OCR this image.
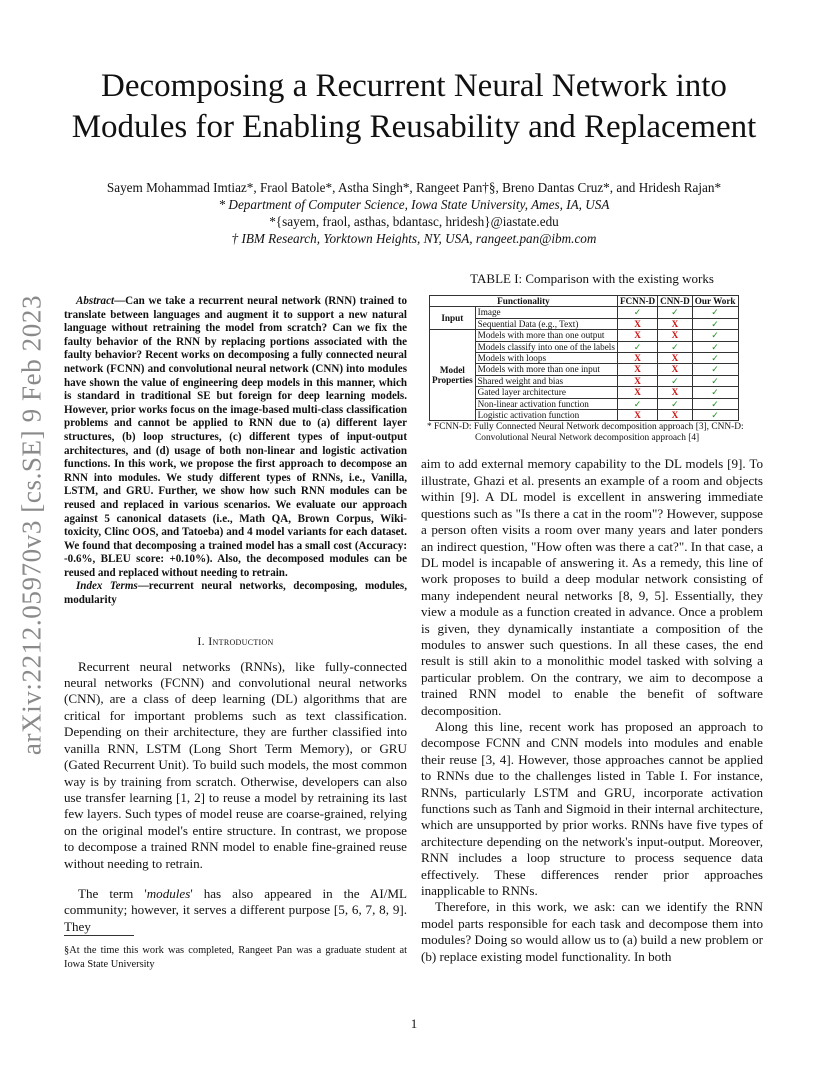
arXiv:2212.05970v3 [cs.SE] 9 Feb 2023
Decomposing a Recurrent Neural Network into
Modules for Enabling Reusability and Replacement
Sayem Mohammad Imtiaz*, Fraol Batole*, Astha Singh*, Rangeet Pan†§, Breno Dantas Cruz*, and Hridesh Rajan*
* Department of Computer Science, Iowa State University, Ames, IA, USA
*{sayem, fraol, asthas, bdantasc, hridesh}@iastate.edu
† IBM Research, Yorktown Heights, NY, USA, rangeet.pan@ibm.com

Abstract—Can we take a recurrent neural network (RNN) trained to translate between languages and augment it to support a new natural language without retraining the model from scratch? Can we fix the faulty behavior of the RNN by replacing portions associated with the faulty behavior? Recent works on decomposing a fully connected neural network (FCNN) and convolutional neural network (CNN) into modules have shown the value of engineering deep models in this manner, which is standard in traditional SE but foreign for deep learning models. However, prior works focus on the image-based multi-class classification problems and cannot be applied to RNN due to (a) different layer structures, (b) loop structures, (c) different types of input-output architectures, and (d) usage of both non-linear and logistic activation functions. In this work, we propose the first approach to decompose an RNN into modules. We study different types of RNNs, i.e., Vanilla, LSTM, and GRU. Further, we show how such RNN modules can be reused and replaced in various scenarios. We evaluate our approach against 5 canonical datasets (i.e., Math QA, Brown Corpus, Wiki-toxicity, Clinc OOS, and Tatoeba) and 4 model variants for each dataset. We found that decomposing a trained model has a small cost (Accuracy: -0.6%, BLEU score: +0.10%). Also, the decomposed modules can be reused and replaced without needing to retrain.

Index Terms—recurrent neural networks, decomposing, modules, modularity

I. Introduction

Recurrent neural networks (RNNs), like fully-connected neural networks (FCNN) and convolutional neural networks (CNN), are a class of deep learning (DL) algorithms that are critical for important problems such as text classification. Depending on their architecture, they are further classified into vanilla RNN, LSTM (Long Short Term Memory), or GRU (Gated Recurrent Unit). To build such models, the most common way is by training from scratch. Otherwise, developers can also use transfer learning [1, 2] to reuse a model by retraining its last few layers. Such types of model reuse are coarse-grained, relying on the original model's entire structure. In contrast, we propose to decompose a trained RNN model to enable fine-grained reuse without needing to retrain.

The term 'modules' has also appeared in the AI/ML community; however, it serves a different purpose [5, 6, 7, 8, 9]. They

§At the time this work was completed, Rangeet Pan was a graduate student at Iowa State University
TABLE I: Comparison with the existing works
Functionality		FCNN-D	CNN-D	Our Work
Input	Image	✓	✓	✓
	Sequential Data (e.g., Text)	X	X	✓

Model
Properties	Models with more than one output	X	X	✓
	Models classify into one of the labels	✓	✓	✓
	Models with loops	X	X	✓
	Models with more than one input	X	X	✓
	Shared weight and bias	X	✓	✓
	Gated layer architecture	X	X	✓
	Non-linear activation function	✓	✓	✓
	Logistic activation function	X	X	✓
* FCNN-D: Fully Connected Neural Network decomposition approach [3], CNN-D:
Convolutional Neural Network decomposition approach [4]

aim to add external memory capability to the DL models [9]. To illustrate, Ghazi et al. presents an example of a room and objects within [9]. A DL model is excellent in answering immediate questions such as "Is there a cat in the room"? However, suppose a person often visits a room over many years and later ponders an indirect question, "How often was there a cat?". In that case, a DL model is incapable of answering it. As a remedy, this line of work proposes to build a deep modular network consisting of many independent neural networks [8, 9, 5]. Essentially, they view a module as a function created in advance. Once a problem is given, they dynamically instantiate a composition of the modules to answer such questions. In all these cases, the end result is still akin to a monolithic model tasked with solving a particular problem. On the contrary, we aim to decompose a trained RNN model to enable the benefit of software decomposition.

Along this line, recent work has proposed an approach to decompose FCNN and CNN models into modules and enable their reuse [3, 4]. However, those approaches cannot be applied to RNNs due to the challenges listed in Table I. For instance, RNNs, particularly LSTM and GRU, incorporate activation functions such as Tanh and Sigmoid in their internal architecture, which are unsupported by prior works. RNNs have five types of architecture depending on the network's input-output. Moreover, RNN includes a loop structure to process sequence data effectively. These differences render prior approaches inapplicable to RNNs.

Therefore, in this work, we ask: can we identify the RNN model parts responsible for each task and decompose them into modules? Doing so would allow us to (a) build a new problem or (b) replace existing model functionality. In both

1
